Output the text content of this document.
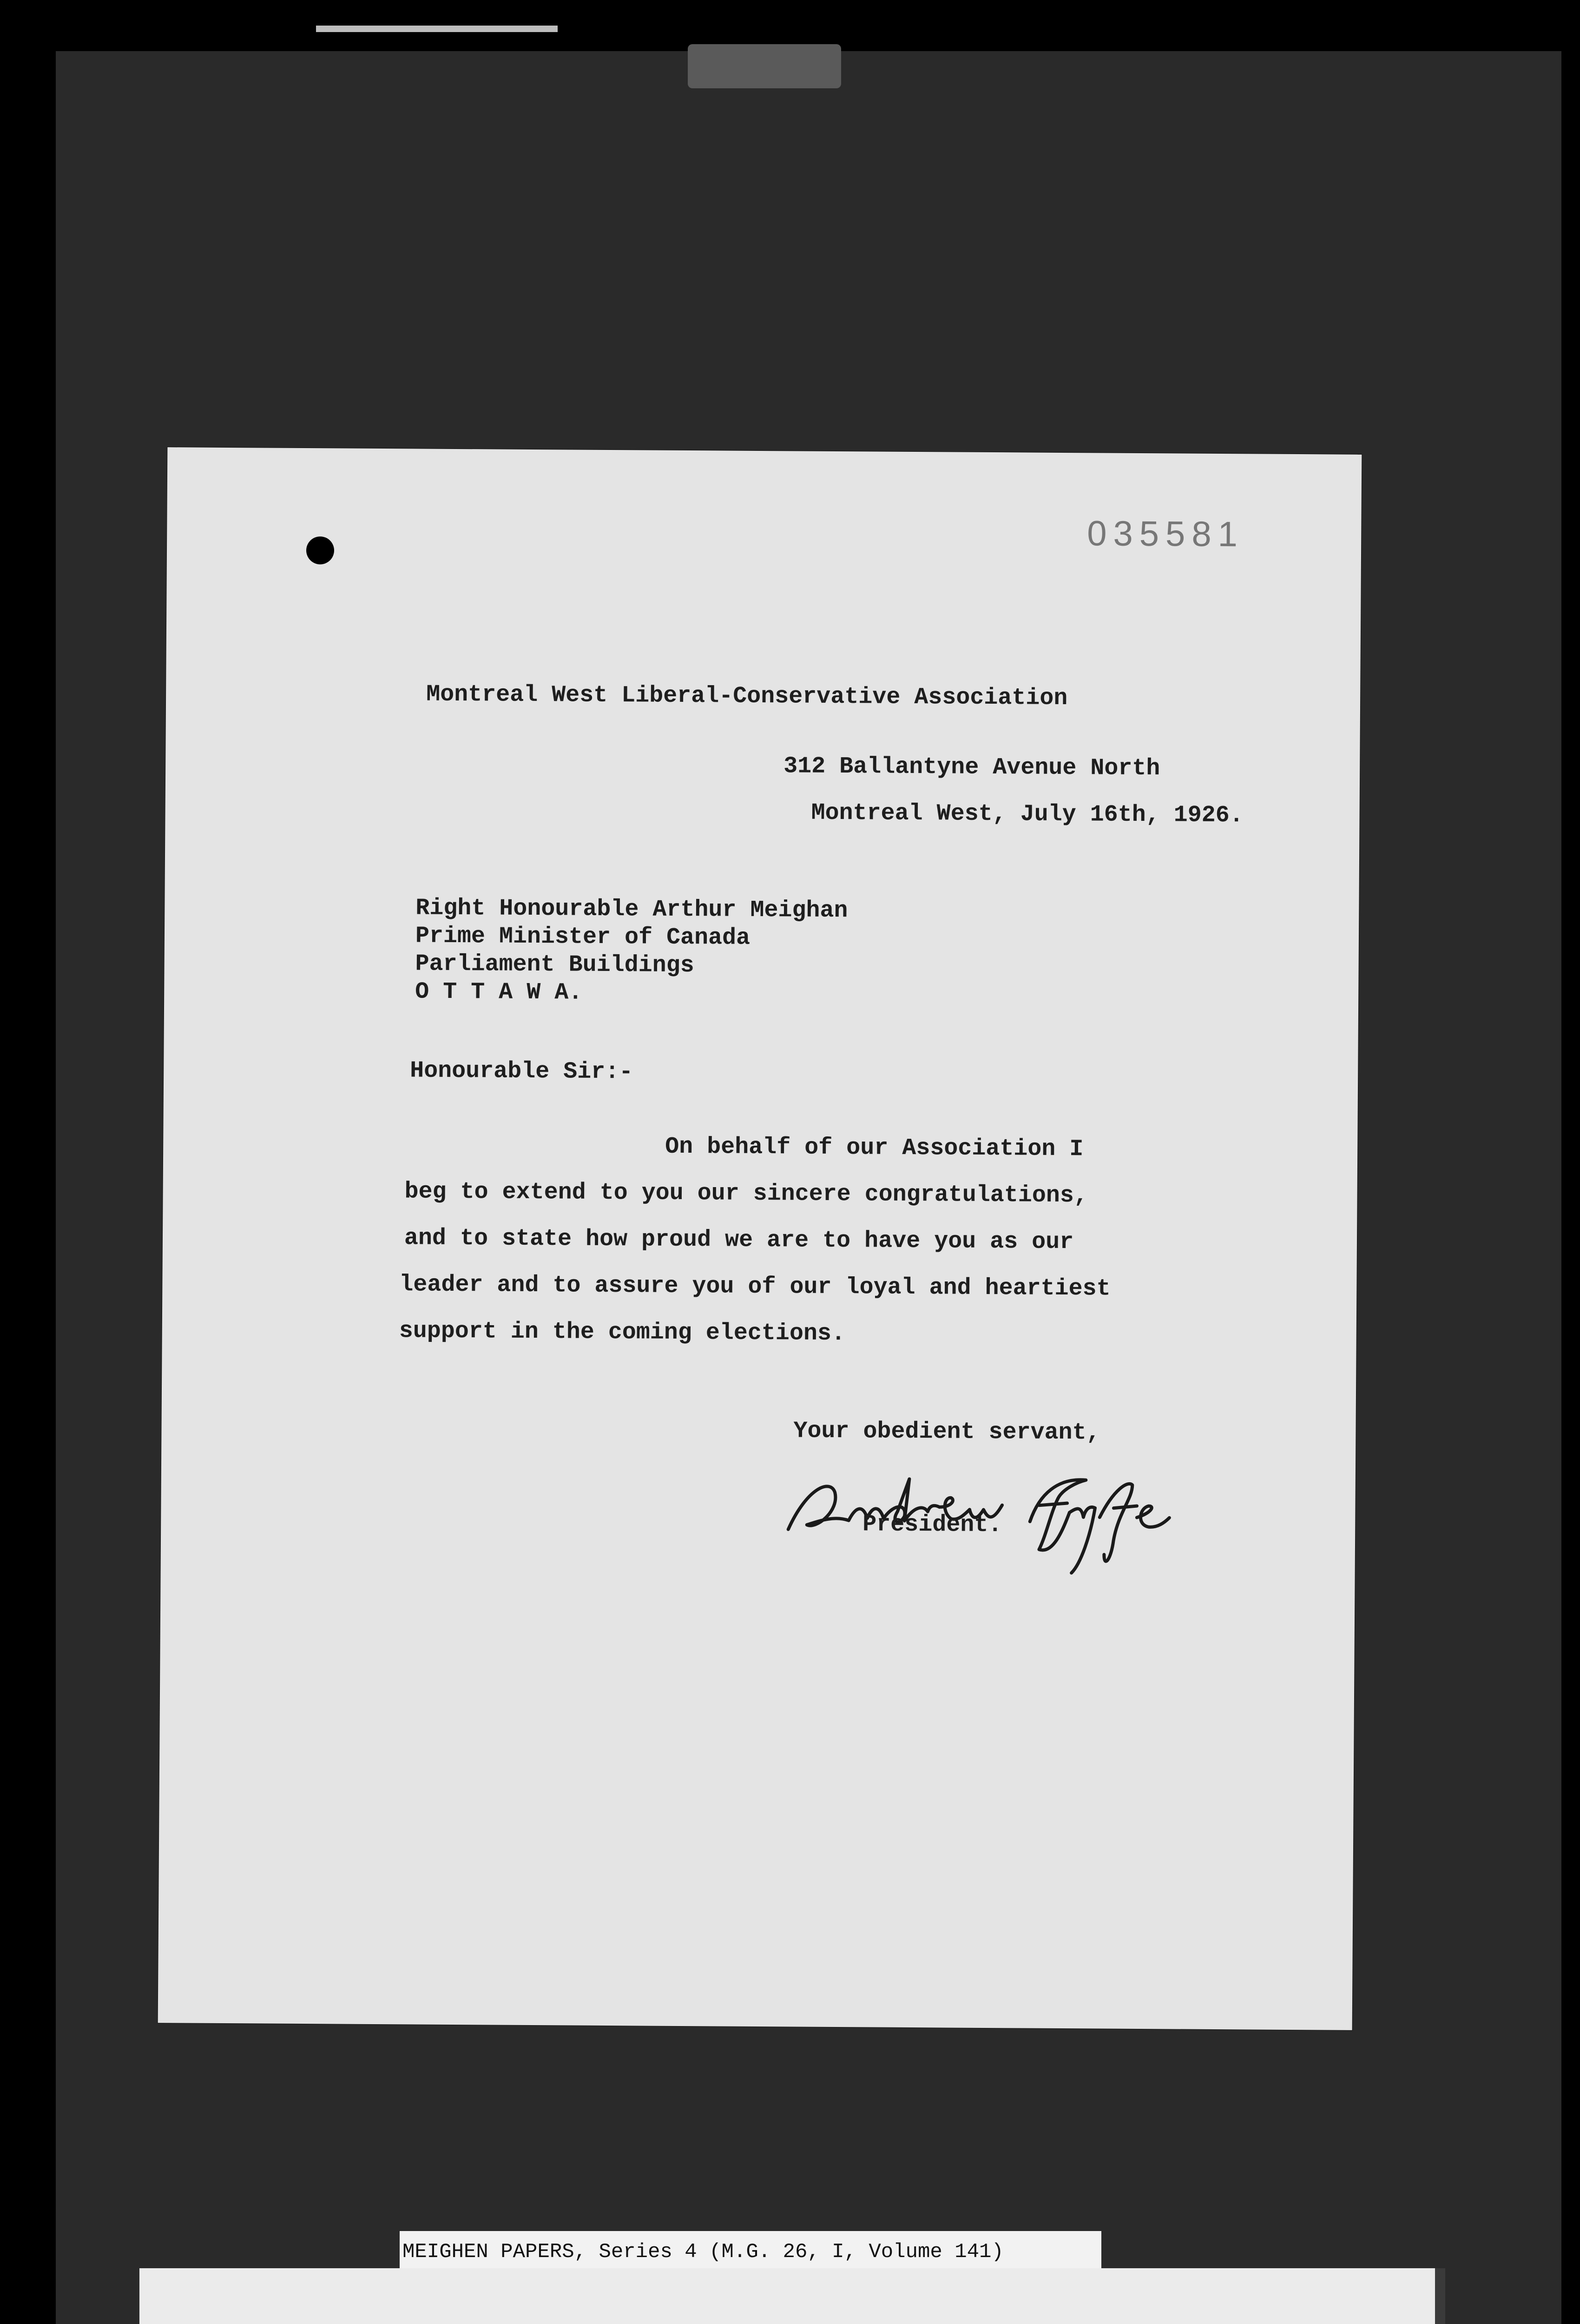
035581
Montreal West Liberal-Conservative Association
312 Ballantyne Avenue North
Montreal West, July 16th, 1926.
Right Honourable Arthur Meighan
Prime Minister of Canada
Parliament Buildings
O T T A W A.
Honourable Sir:-
On behalf of our Association I
beg to extend to you our sincere congratulations,
and to state how proud we are to have you as our
leader and to assure you of our loyal and heartiest
support in the coming elections.
Your obedient servant,
President.
MEIGHEN PAPERS, Series 4 (M.G. 26, I, Volume 141)
